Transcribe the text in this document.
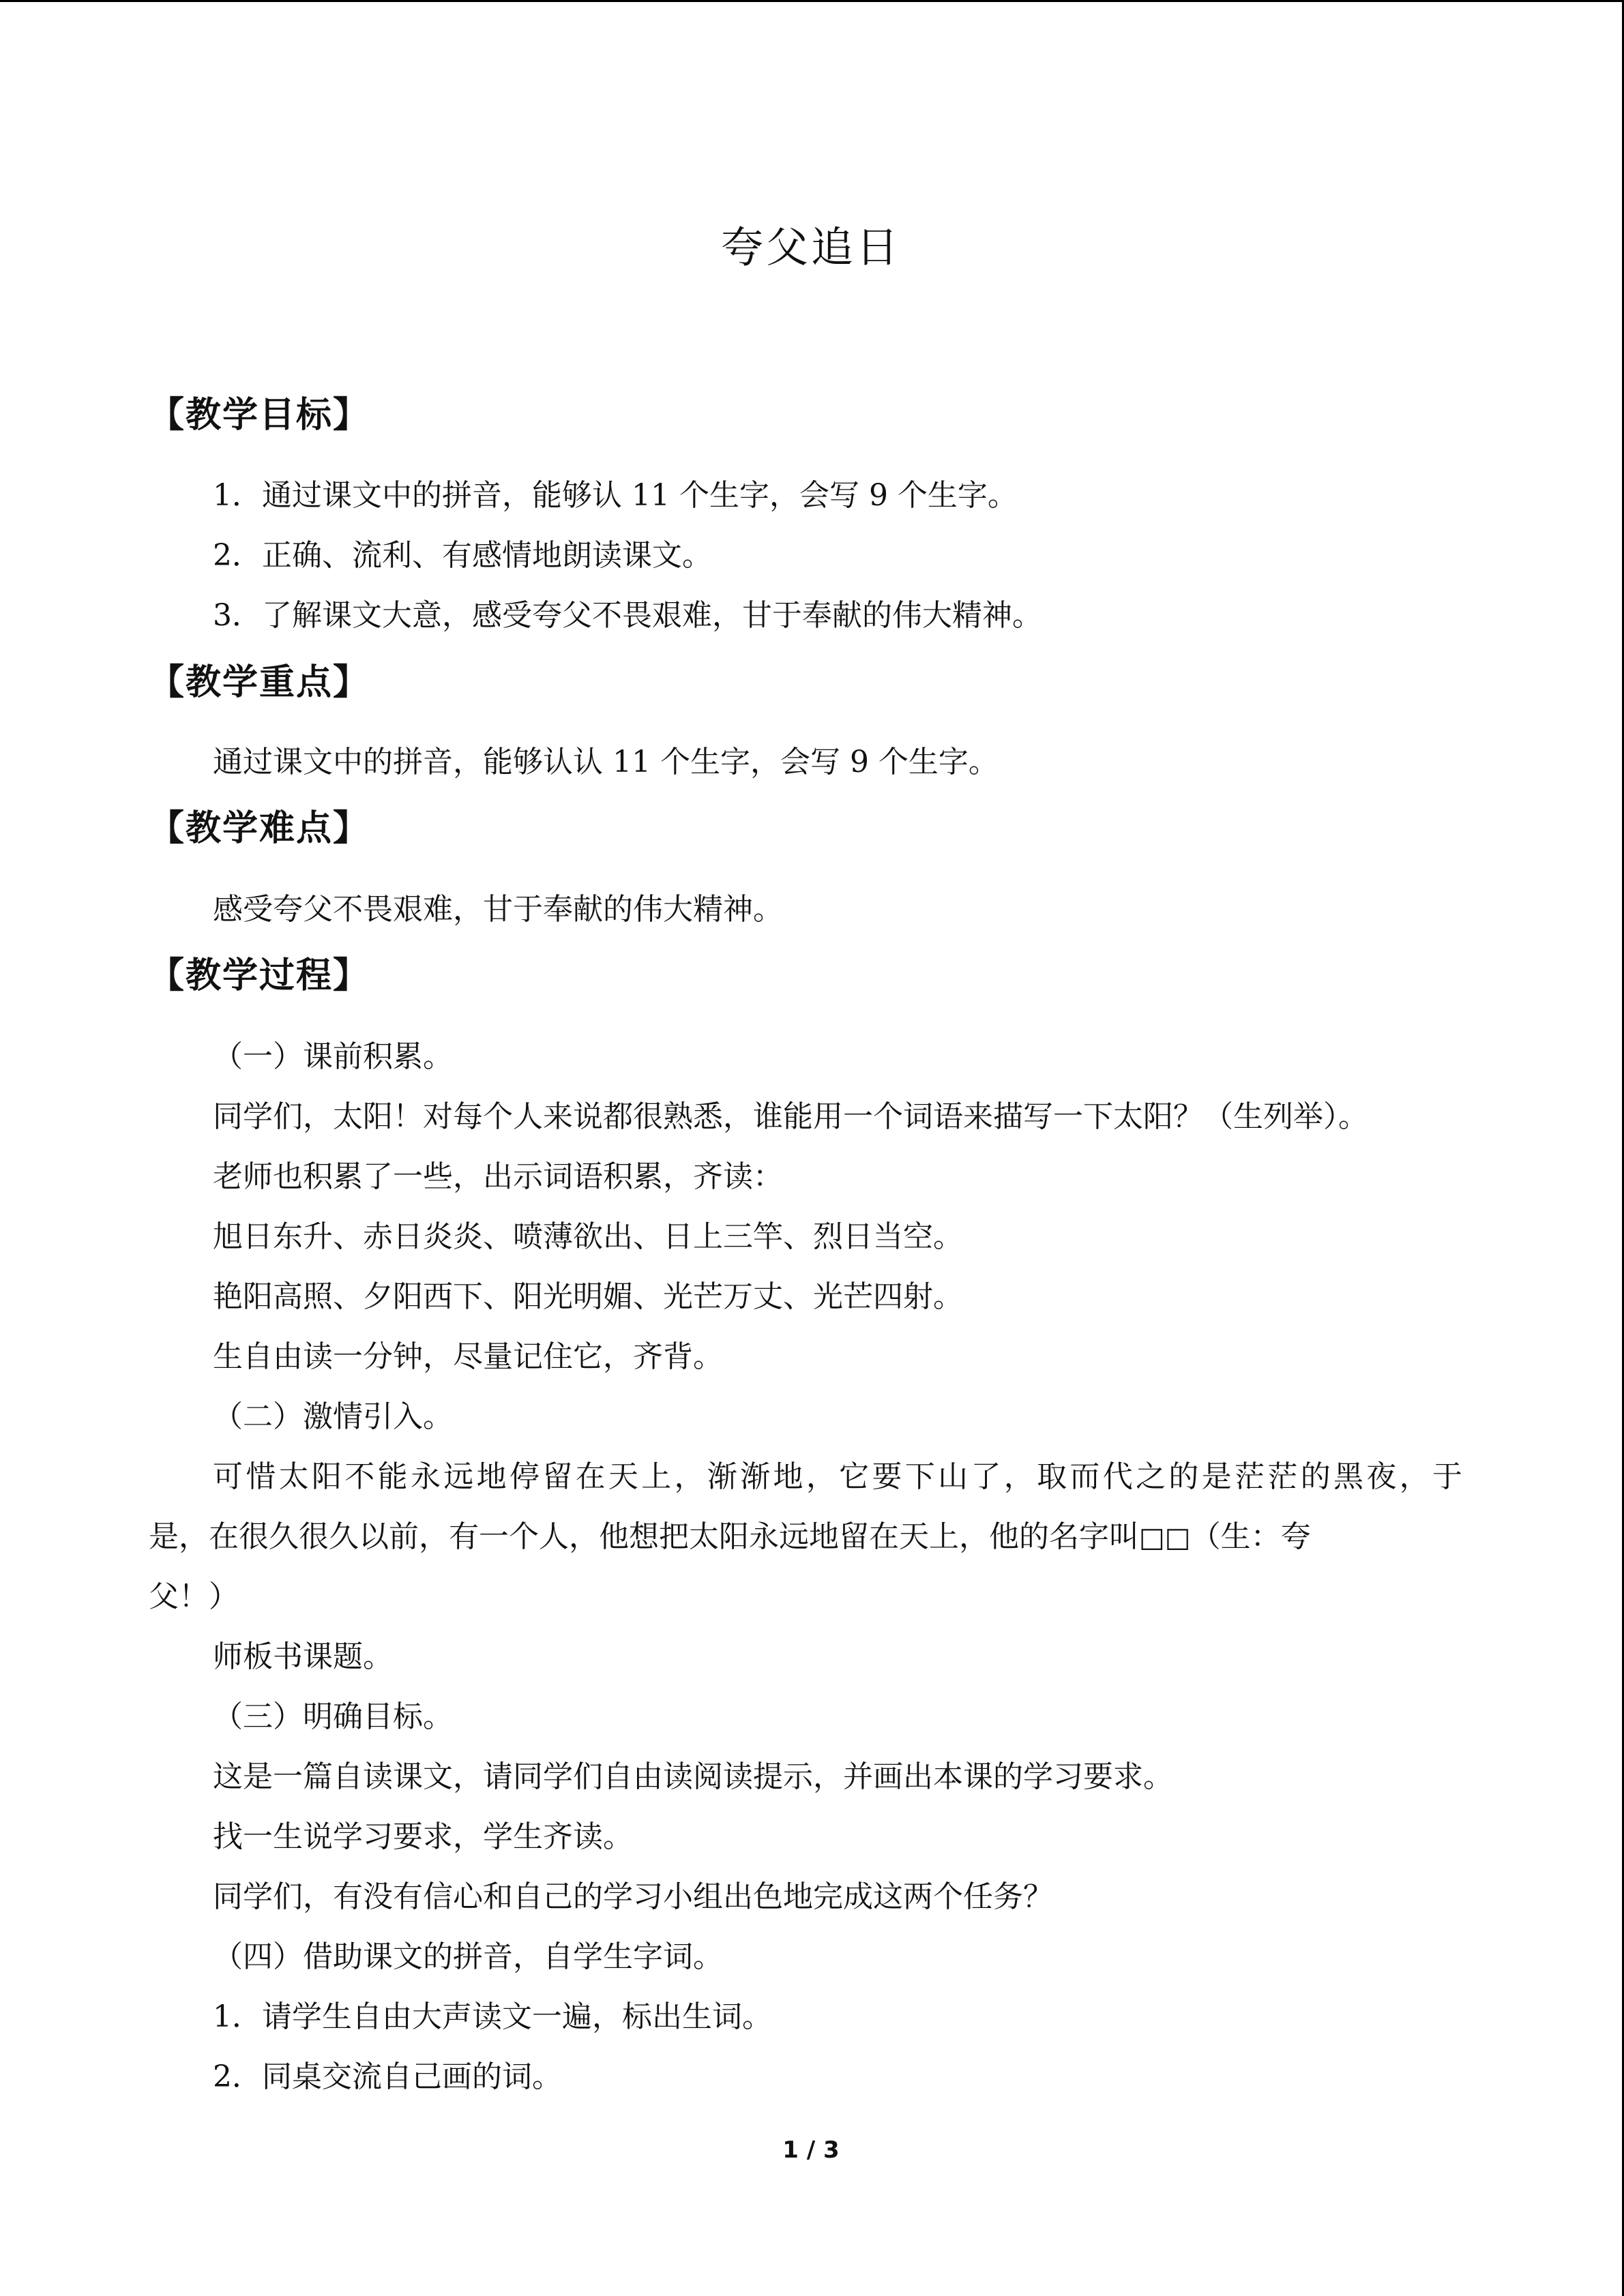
夸父追日
【教学目标】
1．通过课文中的拼音，能够认 11 个生字，会写 9 个生字。
2．正确、流利、有感情地朗读课文。
3．了解课文大意，感受夸父不畏艰难，甘于奉献的伟大精神。
【教学重点】
通过课文中的拼音，能够认认 11 个生字，会写 9 个生字。
【教学难点】
感受夸父不畏艰难，甘于奉献的伟大精神。
【教学过程】
（一）课前积累。
同学们，太阳！对每个人来说都很熟悉，谁能用一个词语来描写一下太阳？（生列举）。
老师也积累了一些，出示词语积累，齐读：
旭日东升、赤日炎炎、喷薄欲出、日上三竿、烈日当空。
艳阳高照、夕阳西下、阳光明媚、光芒万丈、光芒四射。
生自由读一分钟，尽量记住它，齐背。
（二）激情引入。
可惜太阳不能永远地停留在天上，渐渐地，它要下山了，取而代之的是茫茫的黑夜，于
是，在很久很久以前，有一个人，他想把太阳永远地留在天上，他的名字叫□□（生：夸
父！）
师板书课题。
（三）明确目标。
这是一篇自读课文，请同学们自由读阅读提示，并画出本课的学习要求。
找一生说学习要求，学生齐读。
同学们，有没有信心和自己的学习小组出色地完成这两个任务？
（四）借助课文的拼音，自学生字词。
1．请学生自由大声读文一遍，标出生词。
2．同桌交流自己画的词。
1 / 3
